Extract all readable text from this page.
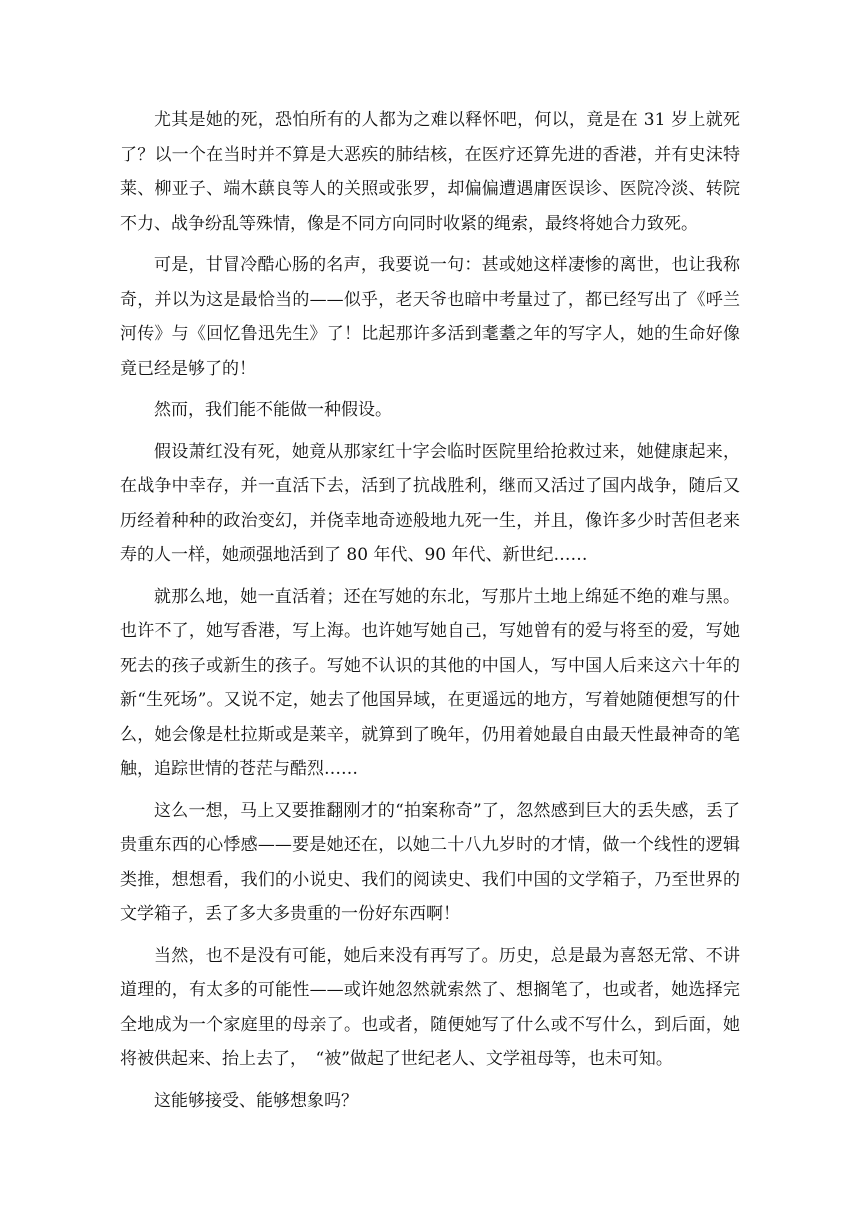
尤其是她的死，恐怕所有的人都为之难以释怀吧，何以，竟是在 31 岁上就死了？以一个在当时并不算是大恶疾的肺结核，在医疗还算先进的香港，并有史沫特莱、柳亚子、端木蕻良等人的关照或张罗，却偏偏遭遇庸医误诊、医院冷淡、转院不力、战争纷乱等殊情，像是不同方向同时收紧的绳索，最终将她合力致死。

可是，甘冒冷酷心肠的名声，我要说一句：甚或她这样凄惨的离世，也让我称奇，并以为这是最恰当的——似乎，老天爷也暗中考量过了，都已经写出了《呼兰河传》与《回忆鲁迅先生》了！比起那许多活到耄耋之年的写字人，她的生命好像竟已经是够了的！

然而，我们能不能做一种假设。

假设萧红没有死，她竟从那家红十字会临时医院里给抢救过来，她健康起来，在战争中幸存，并一直活下去，活到了抗战胜利，继而又活过了国内战争，随后又历经着种种的政治变幻，并侥幸地奇迹般地九死一生，并且，像许多少时苦但老来寿的人一样，她顽强地活到了 80 年代、90 年代、新世纪……

就那么地，她一直活着；还在写她的东北，写那片土地上绵延不绝的难与黑。也许不了，她写香港，写上海。也许她写她自己，写她曾有的爱与将至的爱，写她死去的孩子或新生的孩子。写她不认识的其他的中国人，写中国人后来这六十年的新“生死场”。又说不定，她去了他国异域，在更遥远的地方，写着她随便想写的什么，她会像是杜拉斯或是莱辛，就算到了晚年，仍用着她最自由最天性最神奇的笔触，追踪世情的苍茫与酷烈……

这么一想，马上又要推翻刚才的“拍案称奇”了，忽然感到巨大的丢失感，丢了贵重东西的心悸感——要是她还在，以她二十八九岁时的才情，做一个线性的逻辑类推，想想看，我们的小说史、我们的阅读史、我们中国的文学箱子，乃至世界的文学箱子，丢了多大多贵重的一份好东西啊！

当然，也不是没有可能，她后来没有再写了。历史，总是最为喜怒无常、不讲道理的，有太多的可能性——或许她忽然就索然了、想搁笔了，也或者，她选择完全地成为一个家庭里的母亲了。也或者，随便她写了什么或不写什么，到后面，她将被供起来、抬上去了，　“被”做起了世纪老人、文学祖母等，也未可知。

这能够接受、能够想象吗？
